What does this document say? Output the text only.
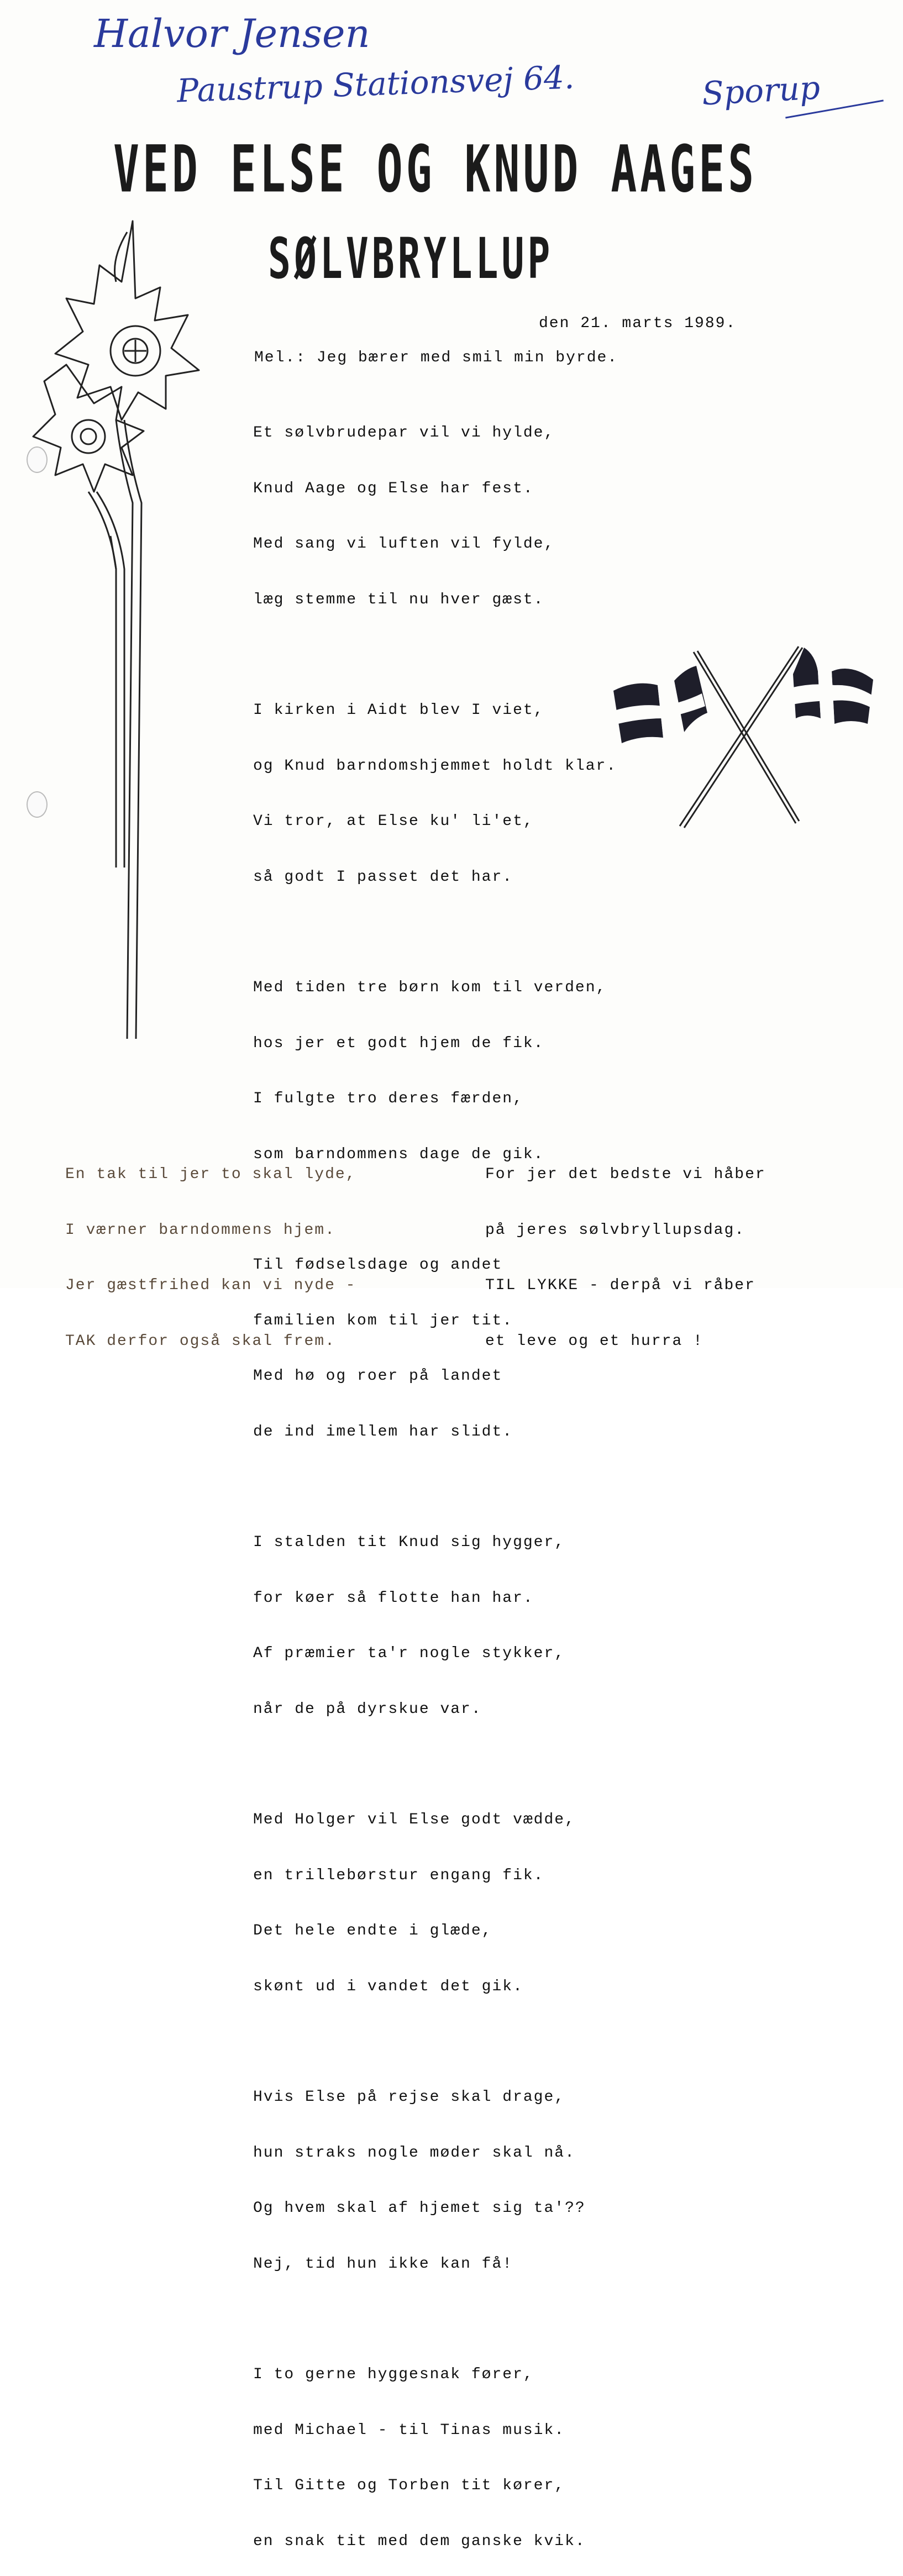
Halvor Jensen
Paustrup Stationsvej 64.	Sporup
VED ELSE OG KNUD AAGES
SØLVBRYLLUP
den 21. marts 1989.
Mel.: Jeg bærer med smil min byrde.

Et sølvbrudepar vil vi hylde,

Knud Aage og Else har fest.

Med sang vi luften vil fylde,

læg stemme til nu hver gæst.

I kirken i Aidt blev I viet,

og Knud barndomshjemmet holdt klar.

Vi tror, at Else ku' li'et,

så godt I passet det har.

Med tiden tre børn kom til verden,

hos jer et godt hjem de fik.

I fulgte tro deres færden,

som barndommens dage de gik.

Til fødselsdage og andet

familien kom til jer tit.

Med hø og roer på landet

de ind imellem har slidt.

I stalden tit Knud sig hygger,

for køer så flotte han har.

Af præmier ta'r nogle stykker,

når de på dyrskue var.

Med Holger vil Else godt vædde,

en trillebørstur engang fik.

Det hele endte i glæde,

skønt ud i vandet det gik.

Hvis Else på rejse skal drage,

hun straks nogle møder skal nå.

Og hvem skal af hjemet sig ta'??

Nej, tid hun ikke kan få!

I to gerne hyggesnak fører,

med Michael - til Tinas musik.

Til Gitte og Torben tit kører,

en snak tit med dem ganske kvik.

En tak til jer to skal lyde,

I værner barndommens hjem.

Jer gæstfrihed kan vi nyde -

TAK derfor også skal frem.

For jer det bedste vi håber

på jeres sølvbryllupsdag.

TIL LYKKE - derpå vi råber

et leve og et hurra !
